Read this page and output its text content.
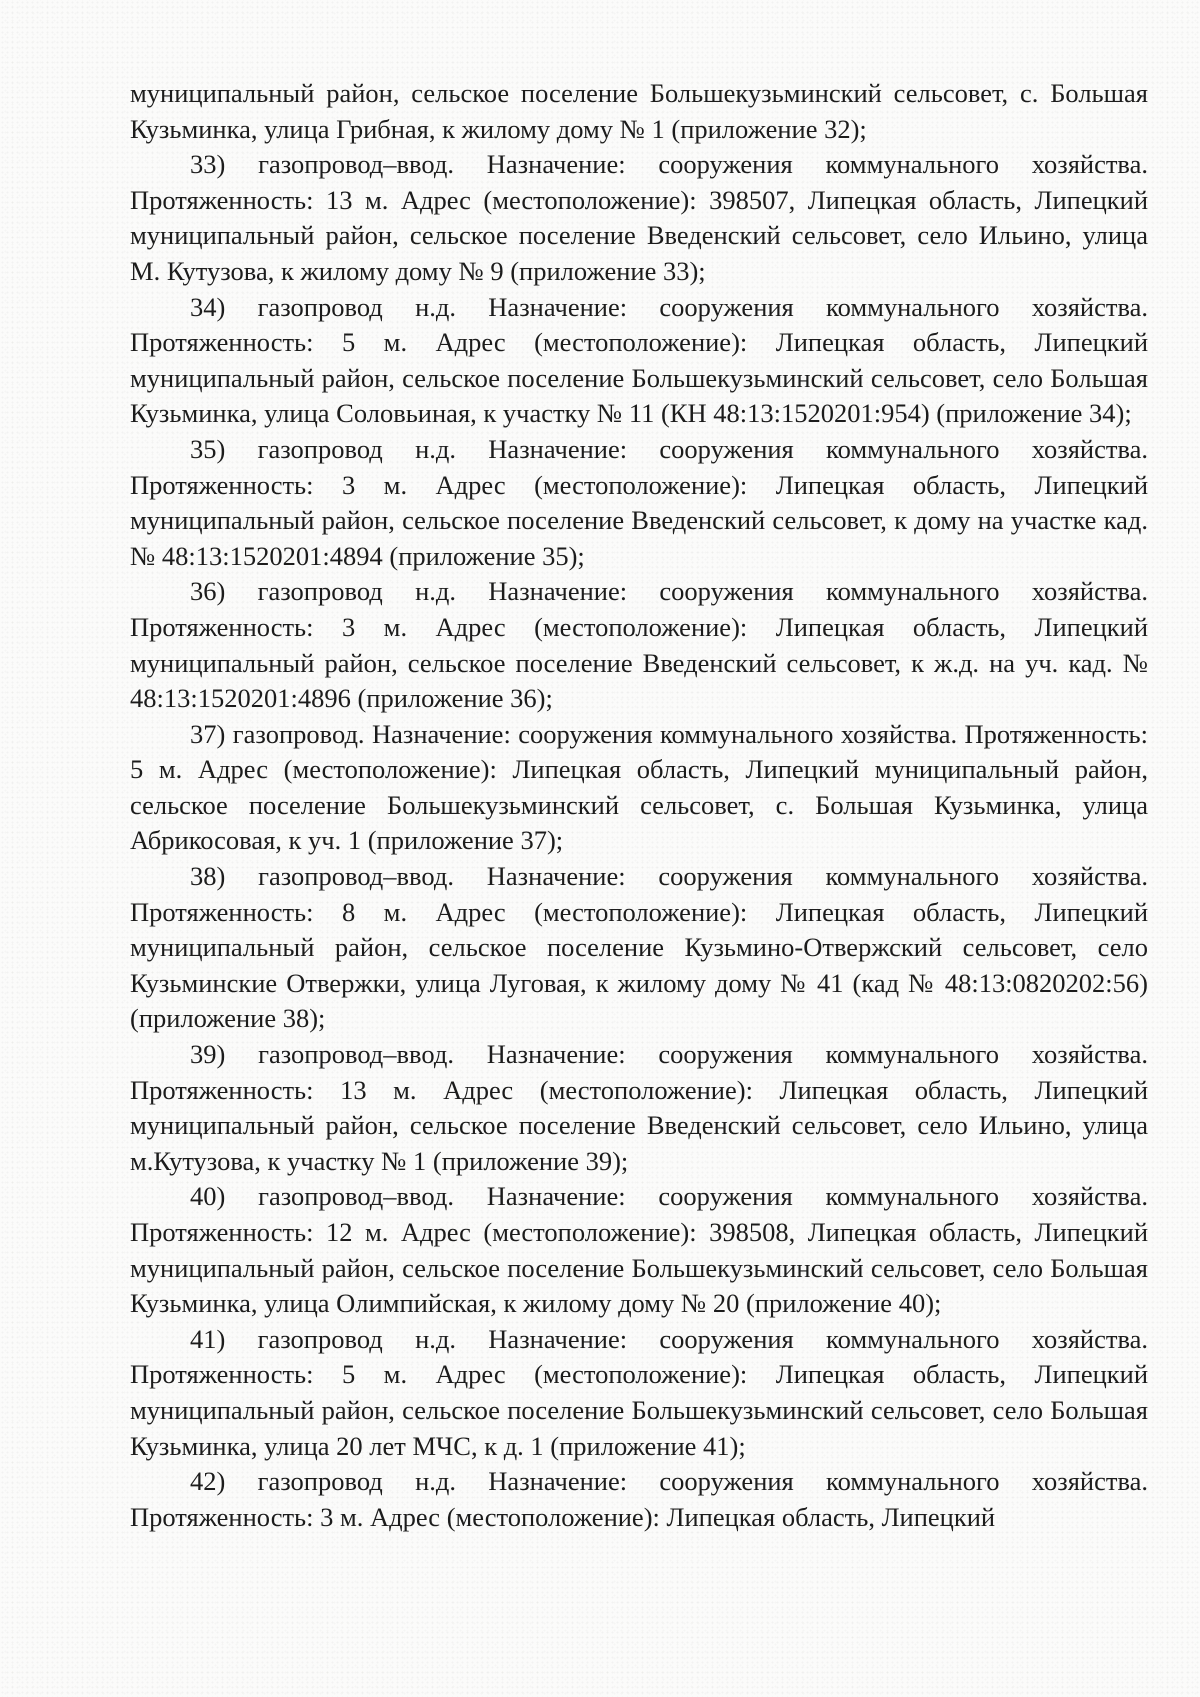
муниципальный район, сельское поселение Большекузьминский сельсовет, с. Большая Кузьминка, улица Грибная, к жилому дому № 1 (приложение 32);

33) газопровод–ввод. Назначение: сооружения коммунального хозяйства. Протяженность: 13 м. Адрес (местоположение): 398507, Липецкая область, Липецкий муниципальный район, сельское поселение Введенский сельсовет, село Ильино, улица М. Кутузова, к жилому дому № 9 (приложение 33);

34) газопровод н.д. Назначение: сооружения коммунального хозяйства. Протяженность: 5 м. Адрес (местоположение): Липецкая область, Липецкий муниципальный район, сельское поселение Большекузьминский сельсовет, село Большая Кузьминка, улица Соловьиная, к участку № 11 (КН 48:13:1520201:954) (приложение 34);

35) газопровод н.д. Назначение: сооружения коммунального хозяйства. Протяженность: 3 м. Адрес (местоположение): Липецкая область, Липецкий муниципальный район, сельское поселение Введенский сельсовет, к дому на участке кад. № 48:13:1520201:4894 (приложение 35);

36) газопровод н.д. Назначение: сооружения коммунального хозяйства. Протяженность: 3 м. Адрес (местоположение): Липецкая область, Липецкий муниципальный район, сельское поселение Введенский сельсовет, к ж.д. на уч. кад. № 48:13:1520201:4896 (приложение 36);

37) газопровод. Назначение: сооружения коммунального хозяйства. Протяженность: 5 м. Адрес (местоположение): Липецкая область, Липецкий муниципальный район, сельское поселение Большекузьминский сельсовет, с. Большая Кузьминка, улица Абрикосовая, к уч. 1 (приложение 37);

38) газопровод–ввод. Назначение: сооружения коммунального хозяйства. Протяженность: 8 м. Адрес (местоположение): Липецкая область, Липецкий муниципальный район, сельское поселение Кузьмино-Отвержский сельсовет, село Кузьминские Отвержки, улица Луговая, к жилому дому № 41 (кад № 48:13:0820202:56) (приложение 38);

39) газопровод–ввод. Назначение: сооружения коммунального хозяйства. Протяженность: 13 м. Адрес (местоположение): Липецкая область, Липецкий муниципальный район, сельское поселение Введенский сельсовет, село Ильино, улица м.Кутузова, к участку № 1 (приложение 39);

40) газопровод–ввод. Назначение: сооружения коммунального хозяйства. Протяженность: 12 м. Адрес (местоположение): 398508, Липецкая область, Липецкий муниципальный район, сельское поселение Большекузьминский сельсовет, село Большая Кузьминка, улица Олимпийская, к жилому дому № 20 (приложение 40);

41) газопровод н.д. Назначение: сооружения коммунального хозяйства. Протяженность: 5 м. Адрес (местоположение): Липецкая область, Липецкий муниципальный район, сельское поселение Большекузьминский сельсовет, село Большая Кузьминка, улица 20 лет МЧС, к д. 1 (приложение 41);

42) газопровод н.д. Назначение: сооружения коммунального хозяйства. Протяженность: 3 м. Адрес (местоположение): Липецкая область, Липецкий
